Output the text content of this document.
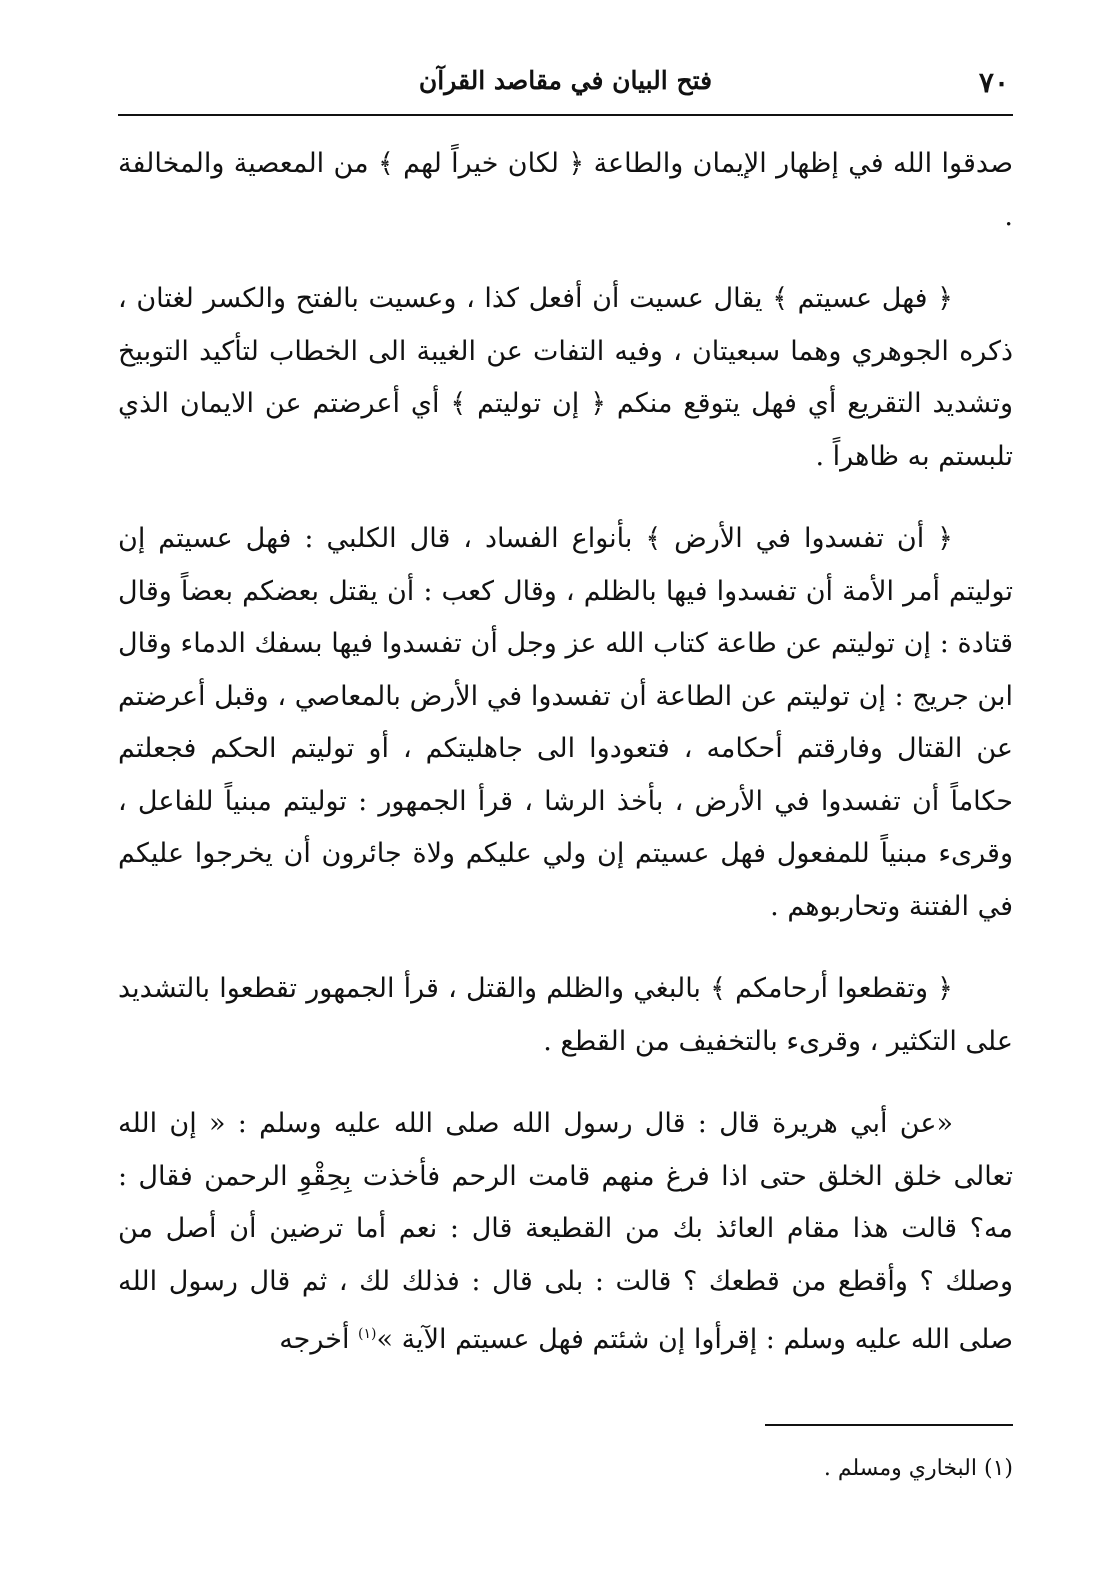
٧٠
فتح البيان في مقاصد القرآن

صدقوا الله في إظهار الإيمان والطاعة ﴿ لكان خيراً لهم ﴾ من المعصية والمخالفة .

﴿ فهل عسيتم ﴾ يقال عسيت أن أفعل كذا ، وعسيت بالفتح والكسر لغتان ، ذكره الجوهري وهما سبعيتان ، وفيه التفات عن الغيبة الى الخطاب لتأكيد التوبيخ وتشديد التقريع أي فهل يتوقع منكم ﴿ إن توليتم ﴾ أي أعرضتم عن الايمان الذي تلبستم به ظاهراً .

﴿ أن تفسدوا في الأرض ﴾ بأنواع الفساد ، قال الكلبي : فهل عسيتم إن توليتم أمر الأمة أن تفسدوا فيها بالظلم ، وقال كعب : أن يقتل بعضكم بعضاً وقال قتادة : إن توليتم عن طاعة كتاب الله عز وجل أن تفسدوا فيها بسفك الدماء وقال ابن جريج : إن توليتم عن الطاعة أن تفسدوا في الأرض بالمعاصي ، وقبل أعرضتم عن القتال وفارقتم أحكامه ، فتعودوا الى جاهليتكم ، أو توليتم الحكم فجعلتم حكاماً أن تفسدوا في الأرض ، بأخذ الرشا ، قرأ الجمهور : توليتم مبنياً للفاعل ، وقرىء مبنياً للمفعول فهل عسيتم إن ولي عليكم ولاة جائرون أن يخرجوا عليكم في الفتنة وتحاربوهم .

﴿ وتقطعوا أرحامكم ﴾ بالبغي والظلم والقتل ، قرأ الجمهور تقطعوا بالتشديد على التكثير ، وقرىء بالتخفيف من القطع .

«عن أبي هريرة قال : قال رسول الله صلى الله عليه وسلم : « إن الله تعالى خلق الخلق حتى اذا فرغ منهم قامت الرحم فأخذت بِحِقْوِ الرحمن فقال : مه؟ قالت هذا مقام العائذ بك من القطيعة قال : نعم أما ترضين أن أصل من وصلك ؟ وأقطع من قطعك ؟ قالت : بلى قال : فذلك لك ، ثم قال رسول الله صلى الله عليه وسلم : إقرأوا إن شئتم فهل عسيتم الآية »$^{(١)}$ أخرجه

(١) البخاري ومسلم .
